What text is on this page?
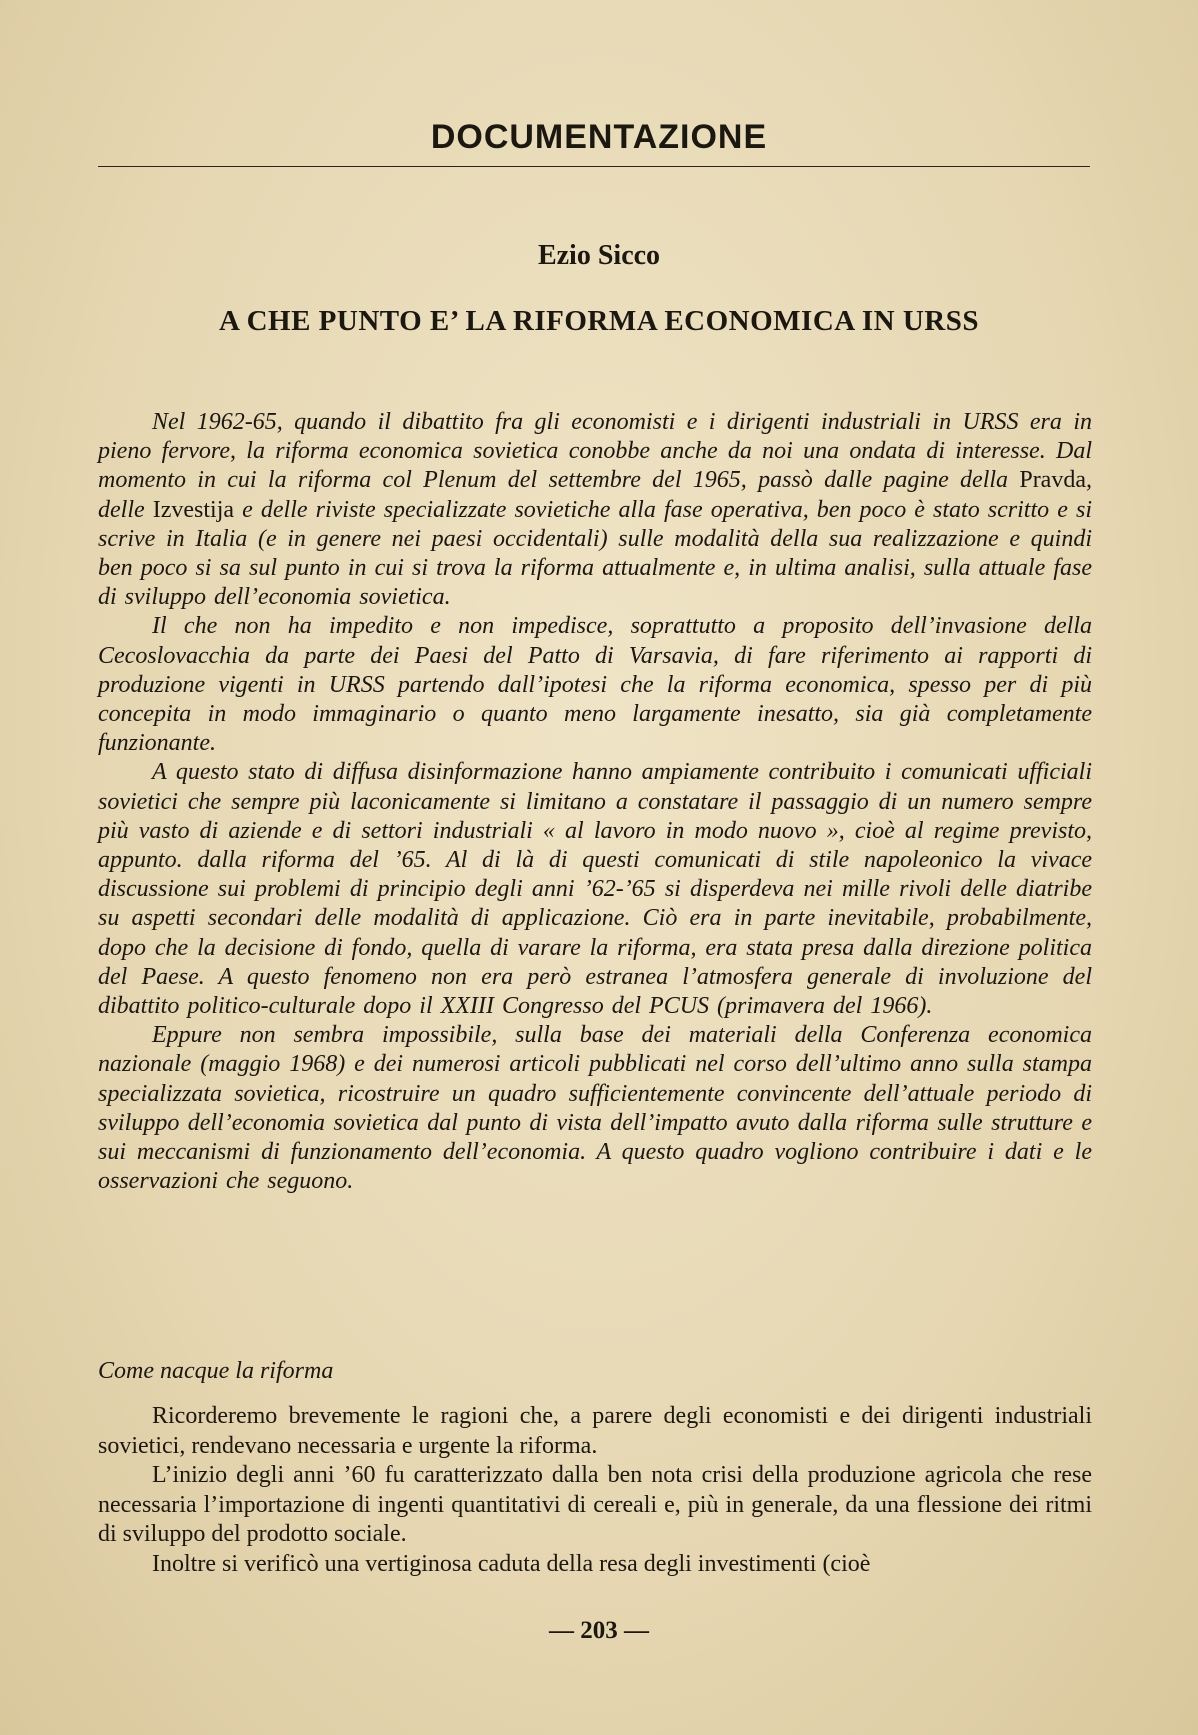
DOCUMENTAZIONE
Ezio Sicco
A CHE PUNTO E’ LA RIFORMA ECONOMICA IN URSS

Nel 1962-65, quando il dibattito fra gli economisti e i dirigenti industriali in URSS era in pieno fervore, la riforma economica sovietica conobbe anche da noi una ondata di interesse. Dal momento in cui la riforma col Plenum del settembre del 1965, passò dalle pagine della Pravda, delle Izvestija e delle riviste specializzate sovietiche alla fase operativa, ben poco è stato scritto e si scrive in Italia (e in genere nei paesi occidentali) sulle modalità della sua realizzazione e quindi ben poco si sa sul punto in cui si trova la riforma attualmente e, in ultima analisi, sulla attuale fase di sviluppo dell’economia sovietica.

Il che non ha impedito e non impedisce, soprattutto a proposito dell’invasione della Cecoslovacchia da parte dei Paesi del Patto di Varsavia, di fare riferimento ai rapporti di produzione vigenti in URSS partendo dall’ipotesi che la riforma economica, spesso per di più concepita in modo immaginario o quanto meno largamente inesatto, sia già completamente funzionante.

A questo stato di diffusa disinformazione hanno ampiamente contribuito i comunicati ufficiali sovietici che sempre più laconicamente si limitano a constatare il passaggio di un numero sempre più vasto di aziende e di settori industriali « al lavoro in modo nuovo », cioè al regime previsto, appunto. dalla riforma del ’65. Al di là di questi comunicati di stile napoleonico la vivace discussione sui problemi di principio degli anni ’62-’65 si disperdeva nei mille rivoli delle diatribe su aspetti secondari delle modalità di applicazione. Ciò era in parte inevitabile, probabilmente, dopo che la decisione di fondo, quella di varare la riforma, era stata presa dalla direzione politica del Paese. A questo fenomeno non era però estranea l’atmosfera generale di involuzione del dibattito politico-culturale dopo il XXIII Congresso del PCUS (primavera del 1966).

Eppure non sembra impossibile, sulla base dei materiali della Conferenza economica nazionale (maggio 1968) e dei numerosi articoli pubblicati nel corso dell’ultimo anno sulla stampa specializzata sovietica, ricostruire un quadro sufficientemente convincente dell’attuale periodo di sviluppo dell’economia sovietica dal punto di vista dell’impatto avuto dalla riforma sulle strutture e sui meccanismi di funzionamento dell’economia. A questo quadro vogliono contribuire i dati e le osservazioni che seguono.

Come nacque la riforma

Ricorderemo brevemente le ragioni che, a parere degli economisti e dei dirigenti industriali sovietici, rendevano necessaria e urgente la riforma.

L’inizio degli anni ’60 fu caratterizzato dalla ben nota crisi della produzione agricola che rese necessaria l’importazione di ingenti quantitativi di cereali e, più in generale, da una flessione dei ritmi di sviluppo del prodotto sociale.

Inoltre si verificò una vertiginosa caduta della resa degli investimenti (cioè

— 203 —
